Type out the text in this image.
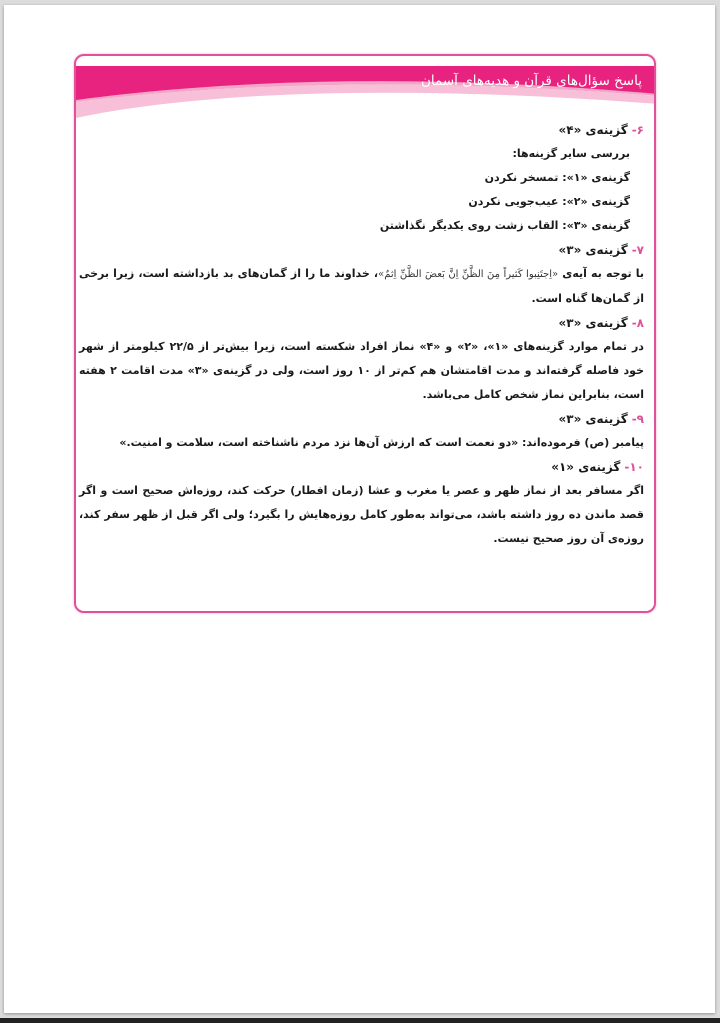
پاسخ سؤال‌های قرآن و هدیه‌های آسمان
۶-گزینه‌ی «۴»
بررسی سایر گزینه‌ها:
گزینه‌ی «۱»: تمسخر نکردن
گزینه‌ی «۲»: عیب‌جویی نکردن
گزینه‌ی «۳»: القاب زشت روی یکدیگر نگذاشتن
۷-گزینه‌ی «۳»
با توجه به آیه‌ی «اِجتَنِبوا کَثیراً مِنَ الظَّنِّ اِنَّ بَعضَ الظَّنِّ اِثمٌ»، خداوند ما را از گمان‌های بد بازداشته است، زیرا برخی از گمان‌ها گناه است.
۸-گزینه‌ی «۳»
در تمام موارد گزینه‌های «۱»، «۲» و «۴» نماز افراد شکسته است، زیرا بیش‌تر از ۲۲/۵ کیلومتر از شهر خود فاصله گرفته‌اند و مدت اقامتشان هم کم‌تر از ۱۰ روز است، ولی در گزینه‌ی «۳» مدت اقامت ۲ هفته است، بنابراین نماز شخص کامل می‌باشد.
۹-گزینه‌ی «۳»
پیامبر (ص) فرموده‌اند: «دو نعمت است که ارزش آن‌ها نزد مردم ناشناخته است، سلامت و امنیت.»
۱۰-گزینه‌ی «۱»
اگر مسافر بعد از نماز ظهر و عصر یا مغرب و عشا (زمان افطار) حرکت کند، روزه‌اش صحیح است و اگر قصد ماندن ده روز داشته باشد، می‌تواند به‌طور کامل روزه‌هایش را بگیرد؛ ولی اگر قبل از ظهر سفر کند، روزه‌ی آن روز صحیح نیست.
